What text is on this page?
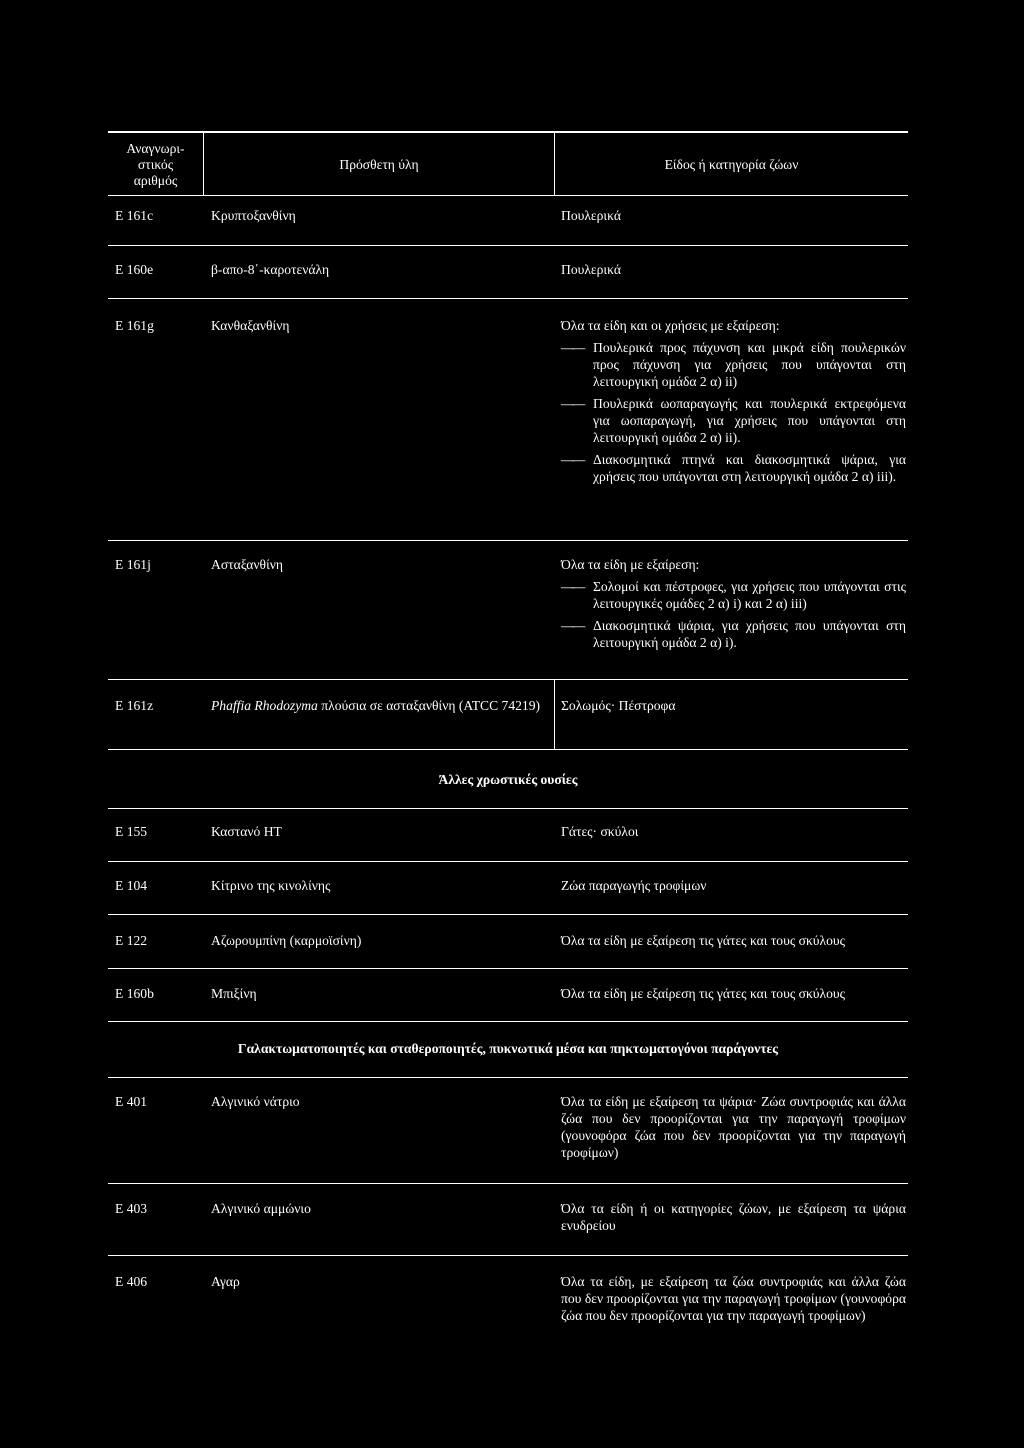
Αναγνωρι-
στικός
αριθμός
Πρόσθετη ύλη	Είδος ή κατηγορία ζώων
E 161c	Κρυπτοξανθίνη	Πουλερικά
E 160e	β-απο-8΄-καροτενάλη	Πουλερικά
E 161g	Κανθαξανθίνη	Όλα τα είδη και οι χρήσεις με εξαίρεση:
—— Πουλερικά προς πάχυνση και μικρά είδη πουλερικών προς πάχυνση για χρήσεις που υπάγονται στη λειτουργική ομάδα 2 α) ii)
—— Πουλερικά ωοπαραγωγής και πουλερικά εκτρεφόμενα για ωοπαραγωγή, για χρήσεις που υπάγονται στη λειτουργική ομάδα 2 α) ii).
—— Διακοσμητικά πτηνά και διακοσμητικά ψάρια, για χρήσεις που υπάγονται στη λειτουργική ομάδα 2 α) iii).
E 161j	Ασταξανθίνη	Όλα τα είδη με εξαίρεση:
—— Σολομοί και πέστροφες, για χρήσεις που υπάγονται στις λειτουργικές ομάδες 2 α) i) και 2 α) iii)
—— Διακοσμητικά ψάρια, για χρήσεις που υπάγονται στη λειτουργική ομάδα 2 α) i).
E 161z	Phaffia Rhodozyma πλούσια σε ασταξανθίνη (ATCC 74219)	Σολωμός· Πέστροφα
Άλλες χρωστικές ουσίες
E 155	Καστανό HT	Γάτες· σκύλοι
E 104	Κίτρινο της κινολίνης	Ζώα παραγωγής τροφίμων
E 122	Αζωρουμπίνη (καρμοϊσίνη)	Όλα τα είδη με εξαίρεση τις γάτες και τους σκύλους
E 160b	Μπιξίνη	Όλα τα είδη με εξαίρεση τις γάτες και τους σκύλους
Γαλακτωματοποιητές και σταθεροποιητές, πυκνωτικά μέσα και πηκτωματογόνοι παράγοντες
E 401	Αλγινικό νάτριο	Όλα τα είδη με εξαίρεση τα ψάρια· Ζώα συντροφιάς και άλλα ζώα που δεν προορίζονται για την παραγωγή τροφίμων (γουνοφόρα ζώα που δεν προορίζονται για την παραγωγή τροφίμων)
E 403	Αλγινικό αμμώνιο	Όλα τα είδη ή οι κατηγορίες ζώων, με εξαίρεση τα ψάρια ενυδρείου
E 406	Αγαρ	Όλα τα είδη, με εξαίρεση τα ζώα συντροφιάς και άλλα ζώα που δεν προορίζονται για την παραγωγή τροφίμων (γουνοφόρα ζώα που δεν προορίζονται για την παραγωγή τροφίμων)
